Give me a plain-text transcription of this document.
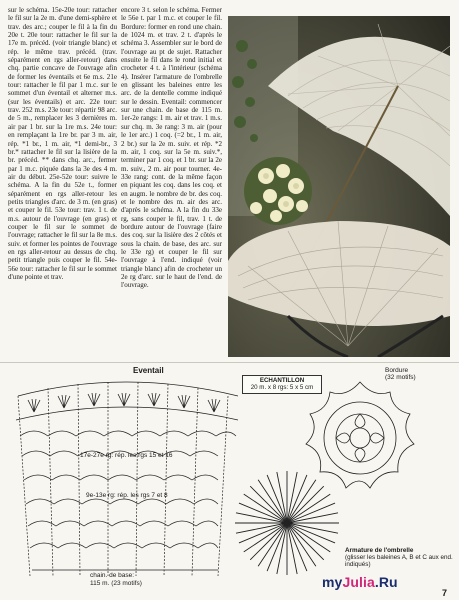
sur le schéma. 15e-20e tour: rattacher le fil sur la 2e m. d'une demi-sphère et trav. des arc.; couper le fil à la fin du 20e t. 20e tour: rattacher le fil sur la 17e m. précéd. (voir triangle blanc) et rép. le même trav. précéd. (trav. séparément en rgs aller-retour) dans chq. partie concave de l'ouvrage afin de former les éventails et 6e m.s. 21e tour: rattacher le fil par 1 m.c. sur le sommet d'un éventail et alterner m.s. (sur les éventails) et arc. 22e tour: trav. 252 m.s. 23e tour: répartir 98 arc. de 5 m., remplacer les 3 dernières m. air par 1 br. sur la 1re m.s. 24e tour: en remplaçant la 1re br. par 3 m. air, rép. *1 br., 1 m. air, *1 demi-br., 3 br.* rattacher le fil sur la lisière de la br. précéd. ** dans chq. arc., fermer par 1 m.c. piquée dans la 3e des 4 m. air du début. 25e-52e tour: suivre le schéma. A la fin du 52e t., former séparément en rgs aller-retour les petits triangles d'arc. de 3 m. (en gras) et couper le fil. 53e tour: trav. 1 t. de m.s. autour de l'ouvrage (en gras) et couper le fil sur le sommet de l'ouvrage; rattacher le fil sur la 8e m.s. suiv. et former les pointes de l'ouvrage en rgs aller-retour au dessus de chq. petit triangle puis couper le fil. 54e-56e tour: rattacher le fil sur le sommet d'une pointe et trav.

encore 3 t. selon le schéma. Fermer le 56e t. par 1 m.c. et couper le fil. Bordure: former en rond une chain. de 1024 m. et trav. 2 t. d'après le schéma 3. Assembler sur le bord de l'ouvrage au pt de sujet. Rattacher ensuite le fil dans le rond initial et crocheter 4 t. à l'intérieur (schéma 4). Insérer l'armature de l'ombrelle en glissant les baleines entre les arc. de la dentelle comme indiqué sur le dessin. Eventail: commencer sur une chain. de base de 115 m. 1er-2e rangs: 1 m. air et trav. 1 m.s. sur chq. m. 3e rang: 3 m. air (pour le 1er arc.) 1 coq. (=2 br., 1 m. air, 2 br.) sur la 2e m. suiv. et rép. *2 m. air, 1 coq. sur la 5e m. suiv.*, terminer par 1 coq. et 1 br. sur la 2e m. suiv., 2 m. air pour tourner. 4e-33e rang: cont. de la même façon en piquant les coq. dans les coq. et en augm. le nombre de br. des coq. et le nombre des m. air des arc. d'après le schéma. A la fin du 33e rg, sans couper le fil, trav. 1 t. de bordure autour de l'ouvrage (faire des coq. sur la lisière des 2 côtés et sous la chain. de base, des arc. sur le 33e rg) et couper le fil sur l'ouvrage à l'end. indiqué (voir triangle blanc) afin de crocheter un 2e rg d'arc. sur le haut de l'end. de l'ouvrage.

Eventail
17e-27e rg: rép. les rgs 15 et 16
9e-13e rg: rép. les rgs 7 et 8
chain. de base:
115 m. (23 motifs)
ECHANTILLON
20 m. x 8 rgs: 5 x 5 cm
Bordure
(32 motifs)
Armature de l'ombrelle
(glisser les baleines A, B et C aux end. indiqués)
myJulia.Ru
7
